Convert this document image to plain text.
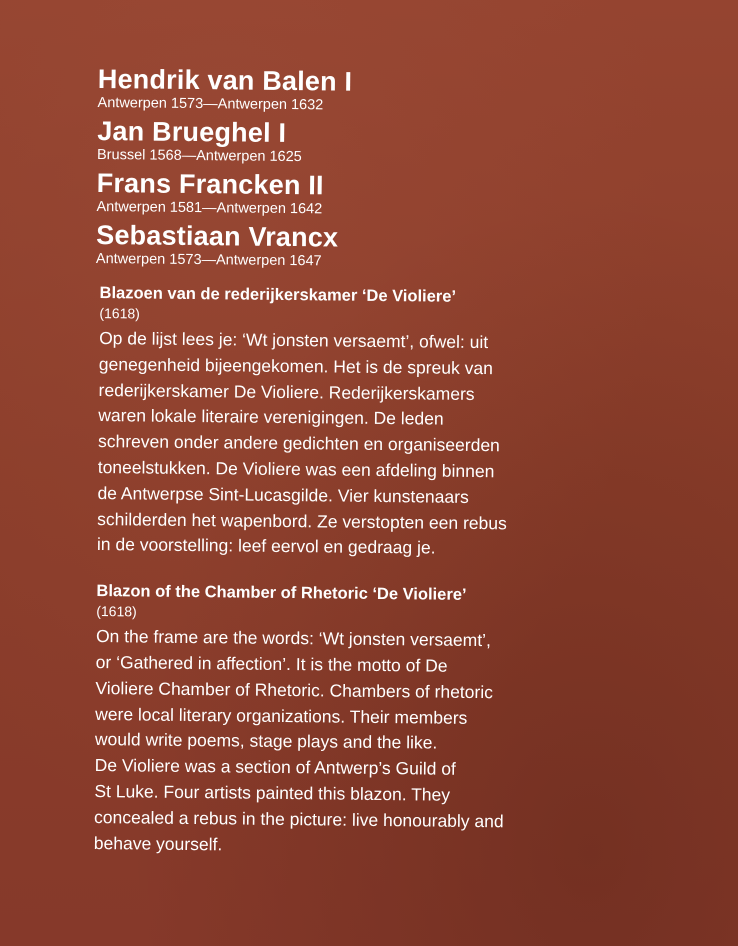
Hendrik van Balen I
Antwerpen 1573—Antwerpen 1632
Jan Brueghel I
Brussel 1568—Antwerpen 1625
Frans Francken II
Antwerpen 1581—Antwerpen 1642
Sebastiaan Vrancx
Antwerpen 1573—Antwerpen 1647
Blazoen van de rederijkerskamer ‘De Violiere’
(1618)

Op de lijst lees je: ‘Wt jonsten versaemt’, ofwel: uit
genegenheid bijeengekomen. Het is de spreuk van
rederijkerskamer De Violiere. Rederijkerskamers
waren lokale literaire verenigingen. De leden
schreven onder andere gedichten en organiseerden
toneelstukken. De Violiere was een afdeling binnen
de Antwerpse Sint-Lucasgilde. Vier kunstenaars
schilderden het wapenbord. Ze verstopten een rebus
in de voorstelling: leef eervol en gedraag je.

Blazon of the Chamber of Rhetoric ‘De Violiere’
(1618)

On the frame are the words: ‘Wt jonsten versaemt’,
or ‘Gathered in affection’. It is the motto of De
Violiere Chamber of Rhetoric. Chambers of rhetoric
were local literary organizations. Their members
would write poems, stage plays and the like.
De Violiere was a section of Antwerp’s Guild of
St Luke. Four artists painted this blazon. They
concealed a rebus in the picture: live honourably and
behave yourself.
